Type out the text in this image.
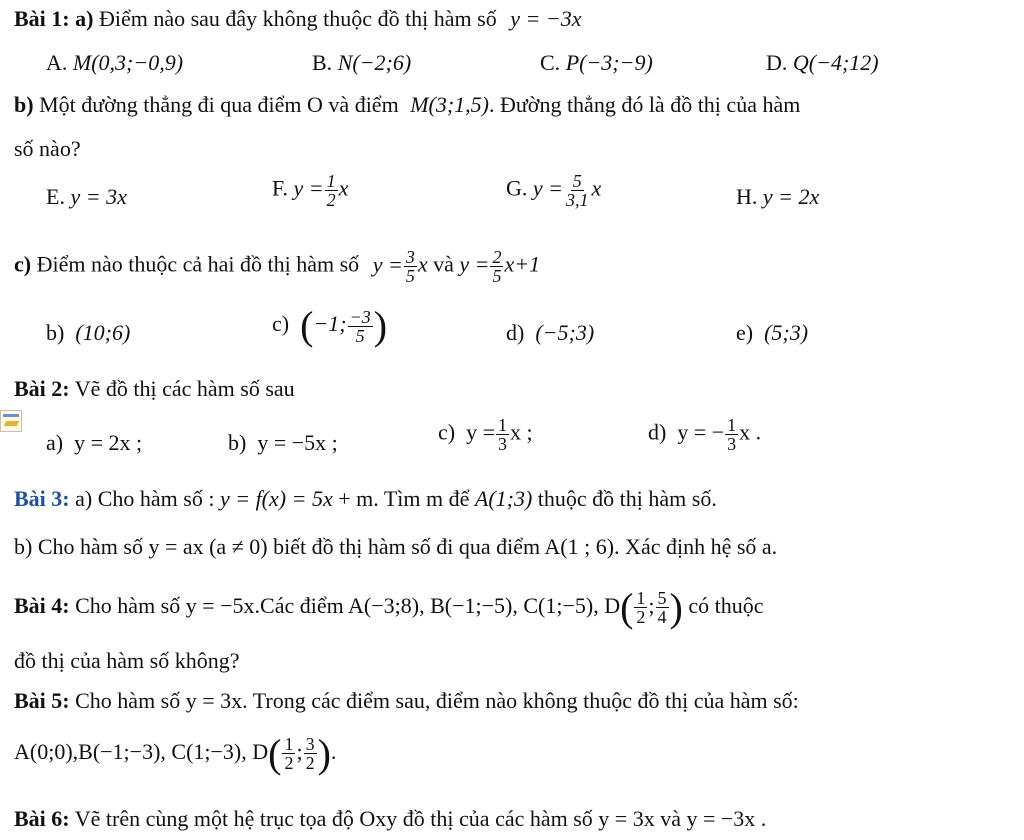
Bài 1: a) Điểm nào sau đây không thuộc đồ thị hàm số y = −3x
A. M(0,3;−0,9)	B. N(−2;6)	C. P(−3;−9)	D. Q(−4;12)
b) Một đường thẳng đi qua điểm O và điểm M(3;1,5). Đường thẳng đó là đồ thị của hàm
số nào?
E. y = 3x	F. $y = \frac{1}{2}$ x	G. $y = \frac{5}{3,1}$ x	H. y = 2x
c) Điểm nào thuộc cả hai đồ thị hàm số $y = \frac{3}{5}$ x và $y = \frac{2}{5} x+1$
b) (10;6)	c) (−1; $\frac{-3}{5}$ )	d) (−5;3)	e) (5;3)
Bài 2: Vẽ đồ thị các hàm số sau
a) y = 2x ;	b) y = −5x ;	c) $y = \frac{1}{3}$ x ;	d) y = − $\frac{1}{3}$ x .
Bài 3: a) Cho hàm số : y = f(x) = 5x + m. Tìm m để A(1;3) thuộc đồ thị hàm số.
b) Cho hàm số y = ax (a ≠ 0) biết đồ thị hàm số đi qua điểm A(1 ; 6). Xác định hệ số a.
Bài 4: Cho hàm số y = −5x.Các điểm A(−3;8), B(−1;−5), C(1;−5), $D( \frac{1}{2}$ ; $\frac{5}{4}$ ) có thuộc
đồ thị của hàm số không?
Bài 5: Cho hàm số y = 3x. Trong các điểm sau, điểm nào không thuộc đồ thị của hàm số:
A(0;0),B(−1;−3), C(1;−3), $D( \frac{1}{2}$ ; $\frac{3}{2}$ ).
Bài 6: Vẽ trên cùng một hệ trục tọa độ Oxy đồ thị của các hàm số y = 3x và y = −3x .
